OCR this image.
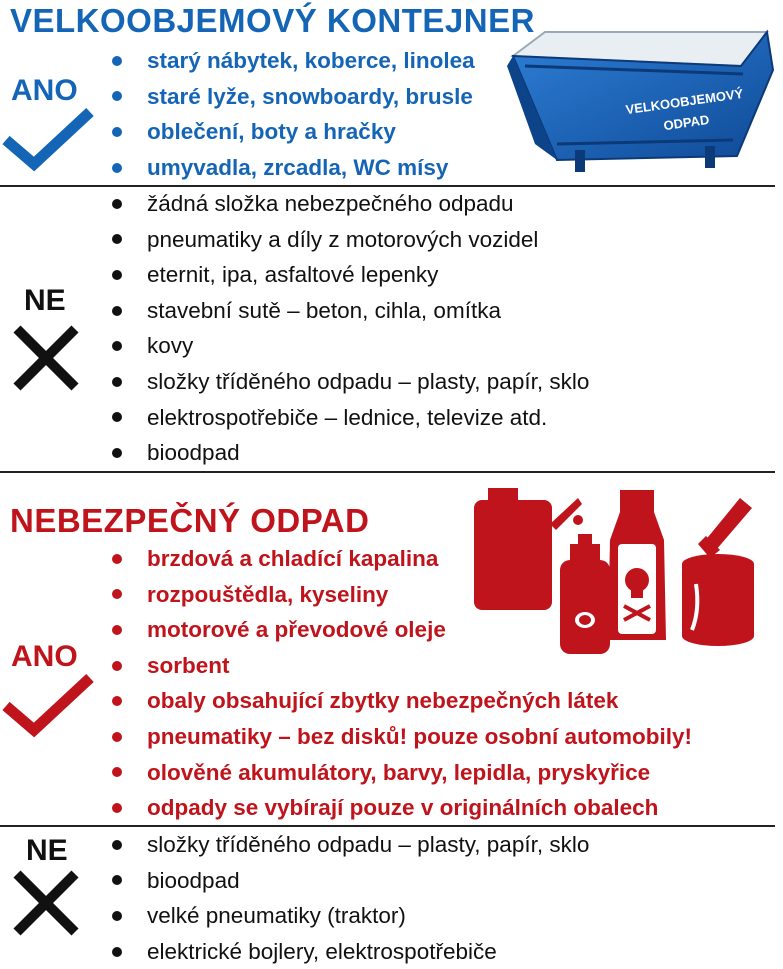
VELKOOBJEMOVÝ KONTEJNER
ANO
starý nábytek, koberce, linolea
staré lyže, snowboardy, brusle
oblečení, boty a hračky
umyvadla, zrcadla, WC mísy
VELKOOBJEMOVÝ
ODPAD
NE
žádná složka nebezpečného odpadu
pneumatiky a díly z motorových vozidel
eternit, ipa, asfaltové lepenky
stavební sutě – beton, cihla, omítka
kovy
složky tříděného odpadu – plasty, papír, sklo
elektrospotřebiče – lednice, televize atd.
bioodpad
NEBEZPEČNÝ ODPAD
ANO
brzdová a chladící kapalina
rozpouštědla, kyseliny
motorové a převodové oleje
sorbent
obaly obsahující zbytky nebezpečných látek
pneumatiky – bez disků! pouze osobní automobily!
olověné akumulátory, barvy, lepidla, pryskyřice
odpady se vybírají pouze v originálních obalech
NE	složky tříděného odpadu – plasty, papír, sklo
bioodpad
velké pneumatiky (traktor)
elektrické bojlery, elektrospotřebiče
